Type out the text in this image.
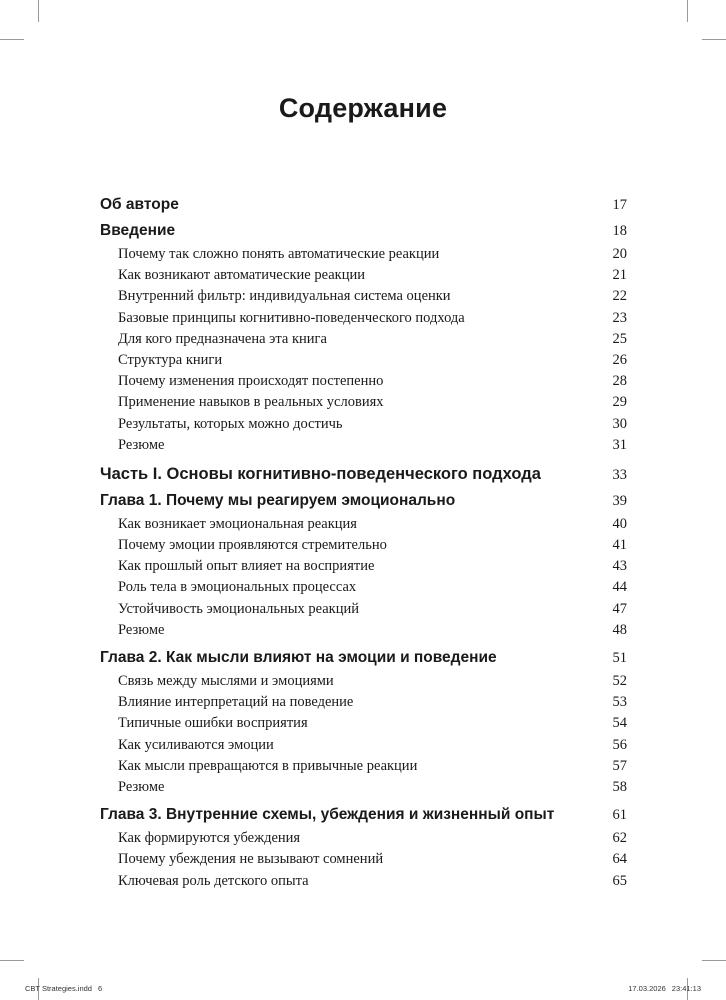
Содержание
Об авторе	17
Введение	18
Почему так сложно понять автоматические реакции	20
Как возникают автоматические реакции	21
Внутренний фильтр: индивидуальная система оценки	22
Базовые принципы когнитивно-поведенческого подхода	23
Для кого предназначена эта книга	25
Структура книги	26
Почему изменения происходят постепенно	28
Применение навыков в реальных условиях	29
Результаты, которых можно достичь	30
Резюме	31
Часть I. Основы когнитивно-поведенческого подхода	33
Глава 1. Почему мы реагируем эмоционально	39
Как возникает эмоциональная реакция	40
Почему эмоции проявляются стремительно	41
Как прошлый опыт влияет на восприятие	43
Роль тела в эмоциональных процессах	44
Устойчивость эмоциональных реакций	47
Резюме	48
Глава 2. Как мысли влияют на эмоции и поведение	51
Связь между мыслями и эмоциями	52
Влияние интерпретаций на поведение	53
Типичные ошибки восприятия	54
Как усиливаются эмоции	56
Как мысли превращаются в привычные реакции	57
Резюме	58
Глава 3. Внутренние схемы, убеждения и жизненный опыт	61
Как формируются убеждения	62
Почему убеждения не вызывают сомнений	64
Ключевая роль детского опыта	65
CBT Strategies.indd 6	17.03.2026 23:41:13
